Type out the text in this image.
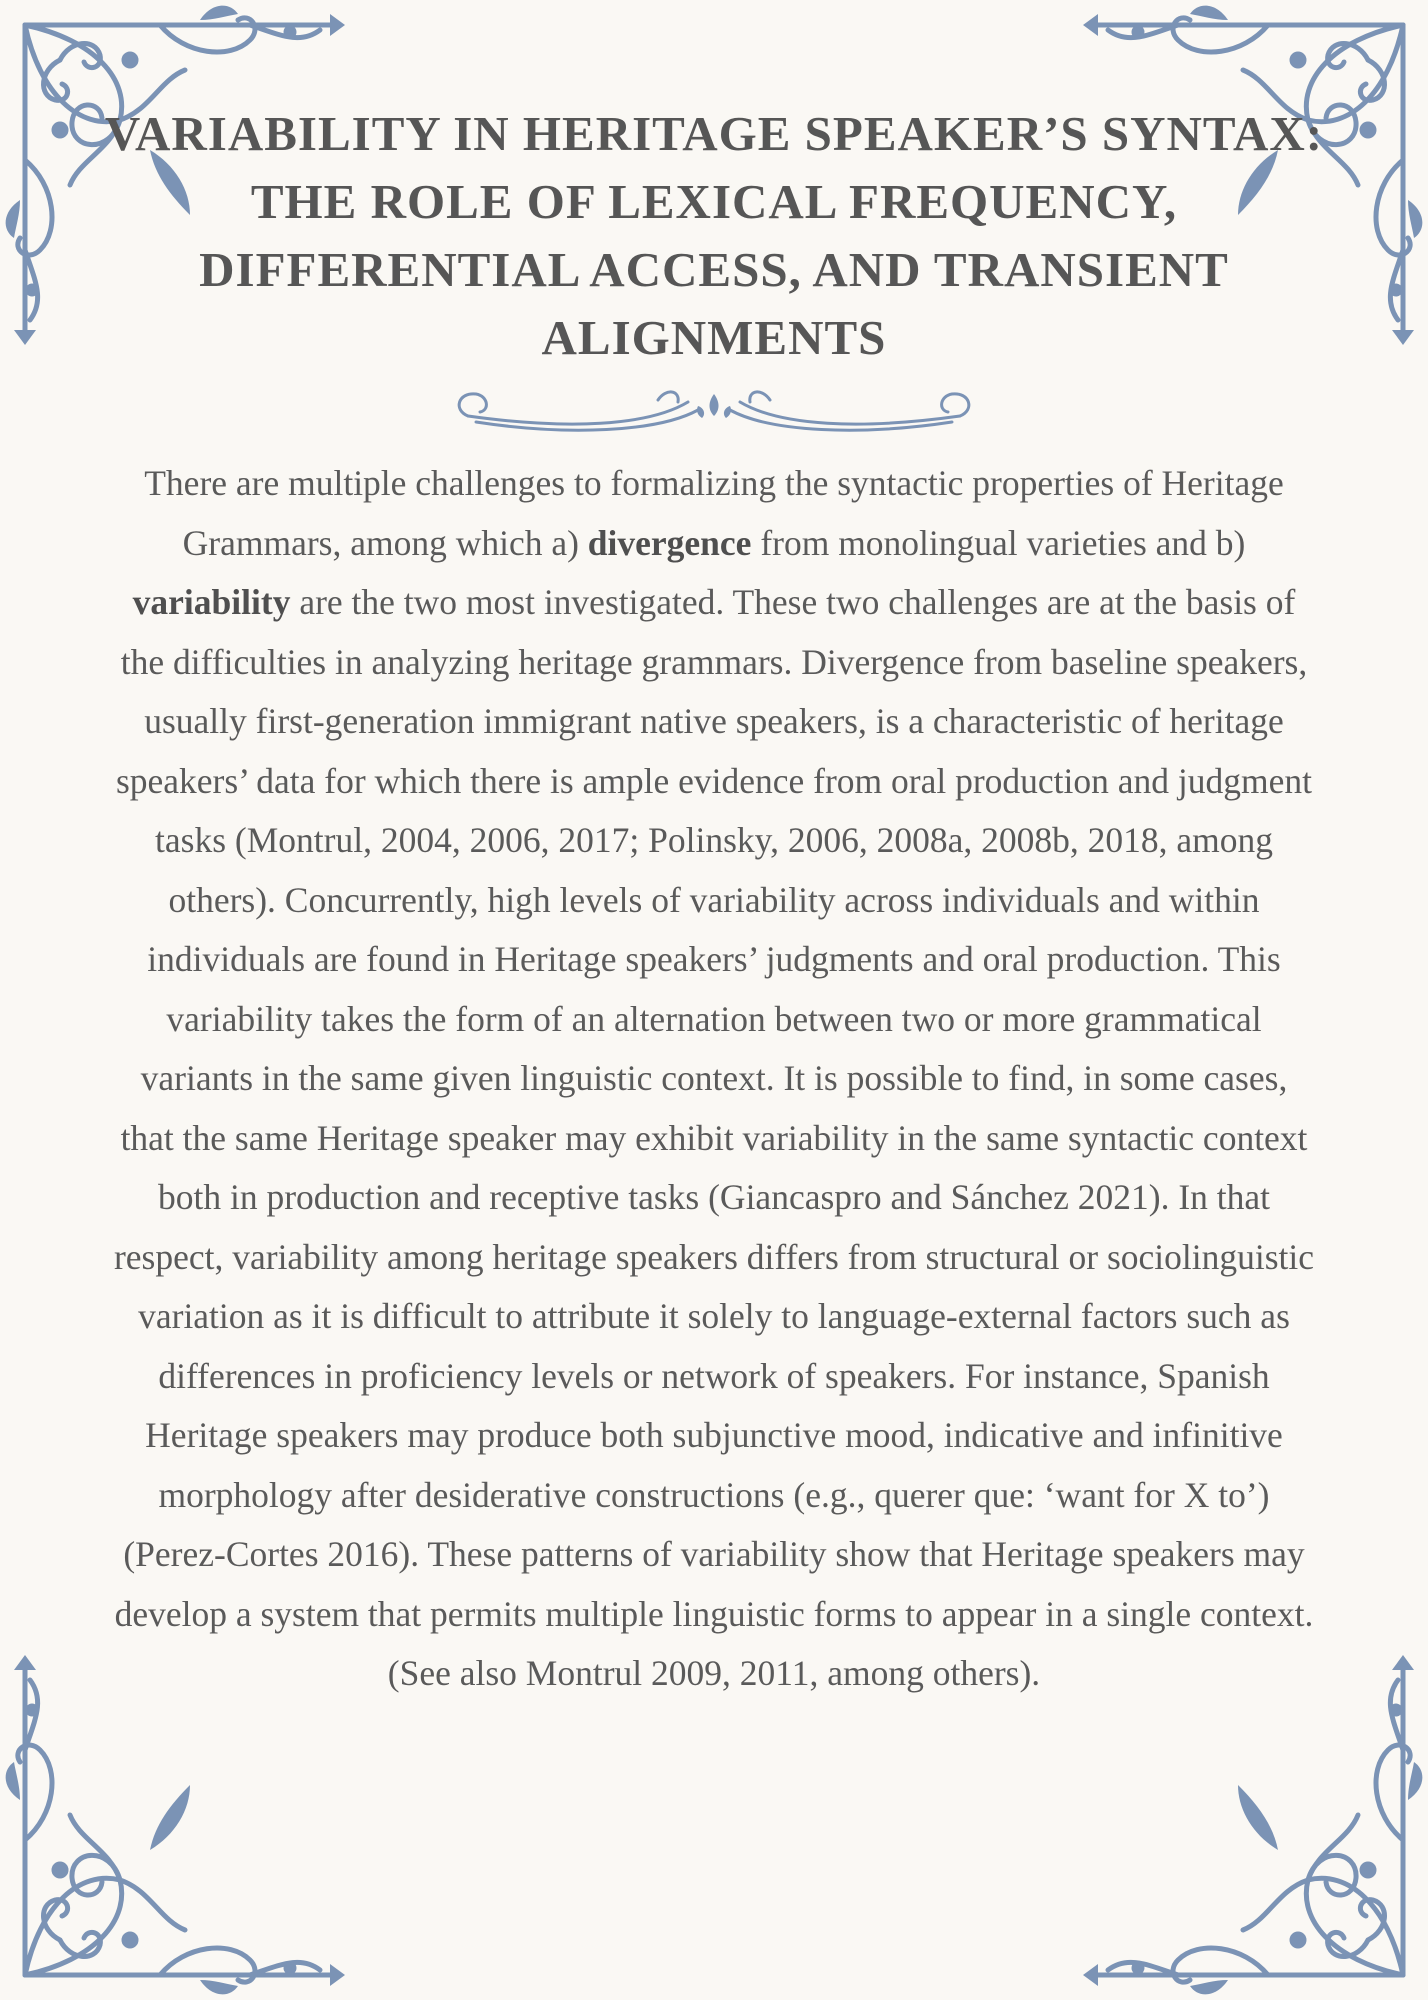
VARIABILITY IN HERITAGE SPEAKER’S SYNTAX: THE ROLE OF LEXICAL FREQUENCY, DIFFERENTIAL ACCESS, AND TRANSIENT ALIGNMENTS

There are multiple challenges to formalizing the syntactic properties of Heritage Grammars, among which a) divergence from monolingual varieties and b) variability are the two most investigated. These two challenges are at the basis of the difficulties in analyzing heritage grammars. Divergence from baseline speakers, usually first-generation immigrant native speakers, is a characteristic of heritage speakers’ data for which there is ample evidence from oral production and judgment tasks (Montrul, 2004, 2006, 2017; Polinsky, 2006, 2008a, 2008b, 2018, among others). Concurrently, high levels of variability across individuals and within individuals are found in Heritage speakers’ judgments and oral production. This variability takes the form of an alternation between two or more grammatical variants in the same given linguistic context. It is possible to find, in some cases, that the same Heritage speaker may exhibit variability in the same syntactic context both in production and receptive tasks (Giancaspro and Sánchez 2021). In that respect, variability among heritage speakers differs from structural or sociolinguistic variation as it is difficult to attribute it solely to language-external factors such as differences in proficiency levels or network of speakers. For instance, Spanish Heritage speakers may produce both subjunctive mood, indicative and infinitive morphology after desiderative constructions (e.g., querer que: ‘want for X to’) (Perez-Cortes 2016). These patterns of variability show that Heritage speakers may develop a system that permits multiple linguistic forms to appear in a single context. (See also Montrul 2009, 2011, among others).
